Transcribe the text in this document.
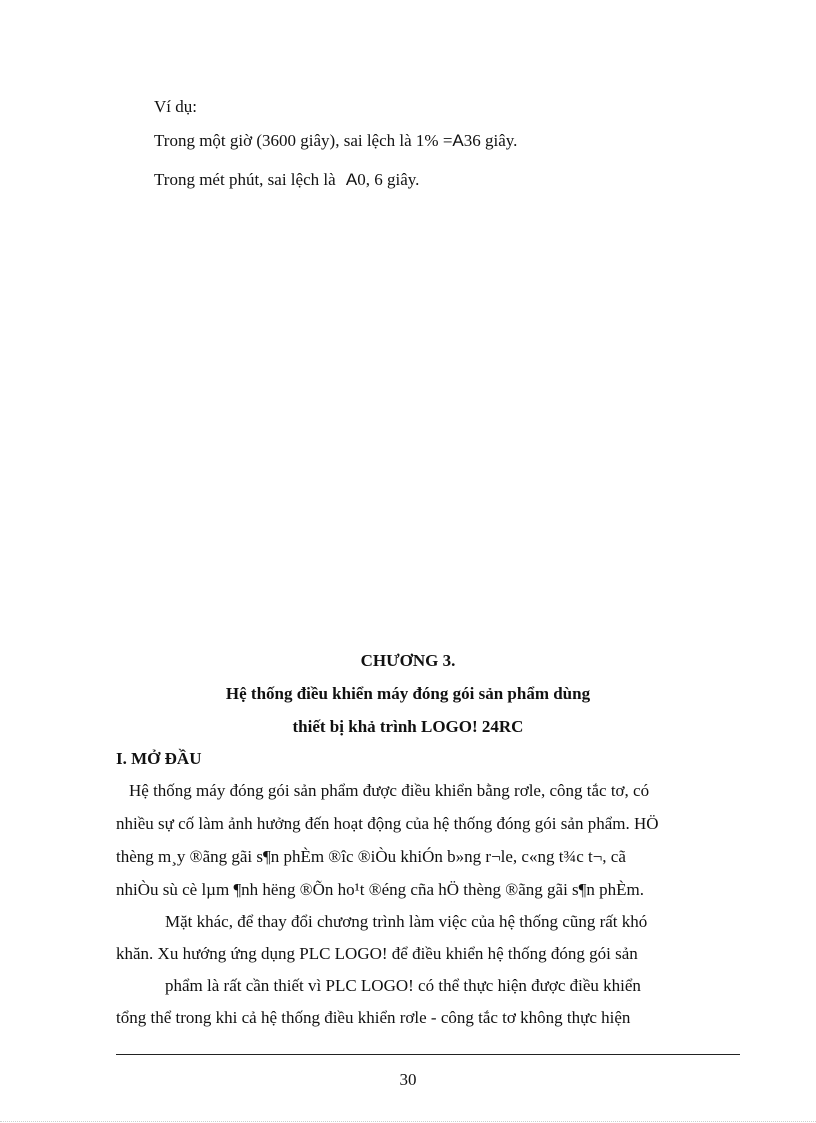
Ví dụ:
Trong một giờ (3600 giây), sai lệch là 1% =A36 giây.
Trong mét phút, sai lệch là A0, 6 giây.
CHƯƠNG 3.
Hệ thống điều khiển máy đóng gói sản phẩm dùng
thiết bị khả trình LOGO! 24RC
I. MỞ ĐẦU
Hệ thống máy đóng gói sản phẩm được điều khiển bằng rơle, công tắc tơ, có
nhiều sự cố làm ảnh hưởng đến hoạt động của hệ thống đóng gói sản phẩm. HÖ
thèng m¸y ®ãng gãi s¶n phÈm ®îc ®iÒu khiÓn b»ng r¬le, c«ng t¾c t¬, cã
nhiÒu sù cè lµm ¶nh hëng ®Õn ho¹t ®éng cña hÖ thèng ®ãng gãi s¶n phÈm.
Mặt khác, để thay đổi chương trình làm việc của hệ thống cũng rất khó
khăn. Xu hướng ứng dụng PLC LOGO! để điều khiển hệ thống đóng gói sản
phẩm là rất cần thiết vì PLC LOGO! có thể thực hiện được điều khiển
tổng thể trong khi cả hệ thống điều khiển rơle - công tắc tơ không thực hiện
30
